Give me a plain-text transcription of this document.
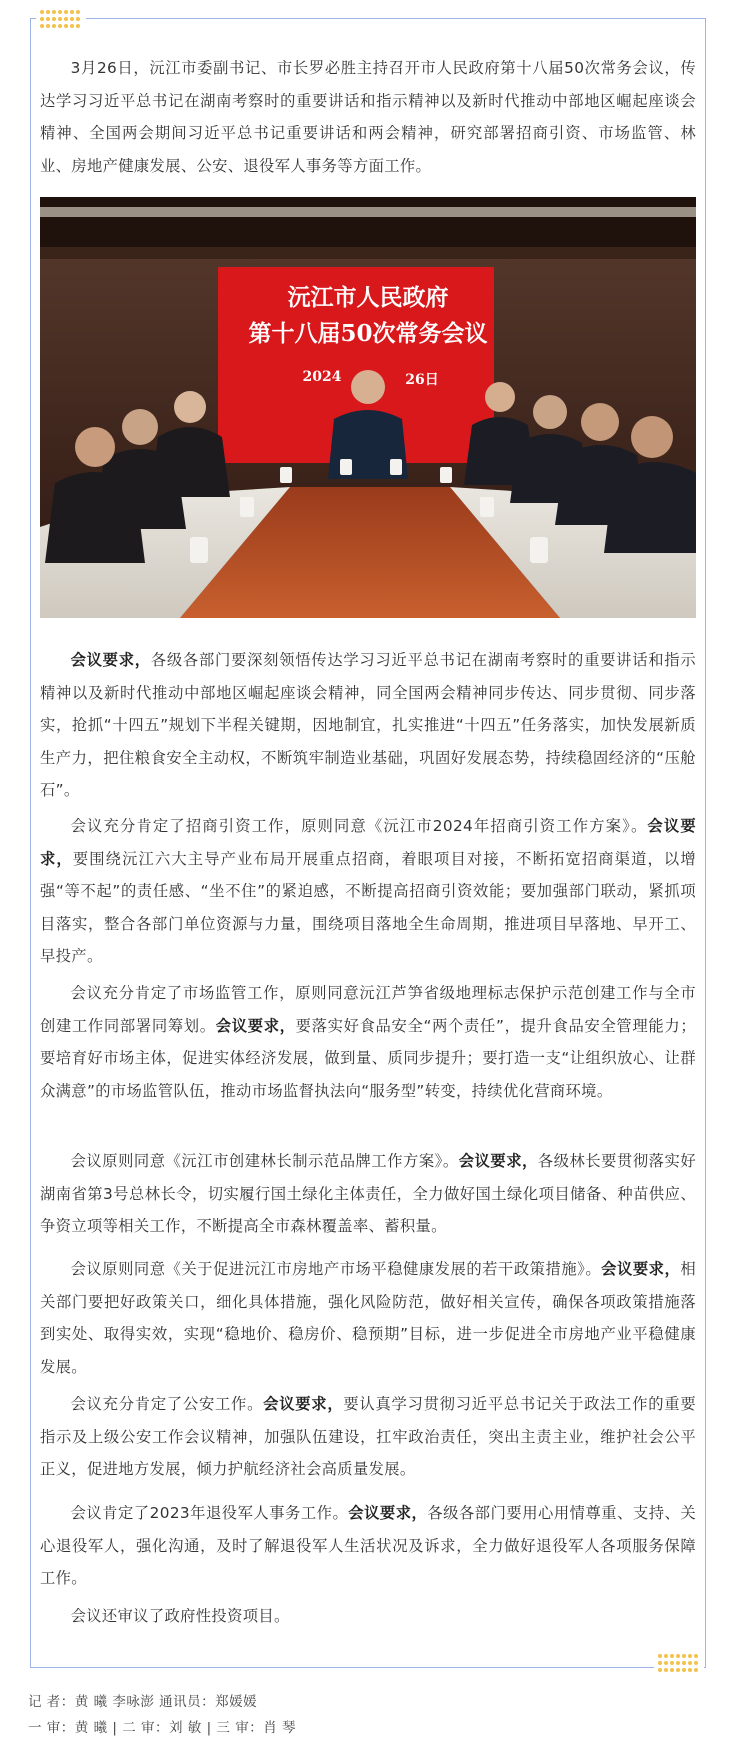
3月26日，沅江市委副书记、市长罗必胜主持召开市人民政府第十八届50次常务会议，传达学习习近平总书记在湖南考察时的重要讲话和指示精神以及新时代推动中部地区崛起座谈会精神、全国两会期间习近平总书记重要讲话和两会精神，研究部署招商引资、市场监管、林业、房地产健康发展、公安、退役军人事务等方面工作。

沅江市人民政府
第十八届50次常务会议
2024	26日

会议要求，各级各部门要深刻领悟传达学习习近平总书记在湖南考察时的重要讲话和指示精神以及新时代推动中部地区崛起座谈会精神，同全国两会精神同步传达、同步贯彻、同步落实，抢抓“十四五”规划下半程关键期，因地制宜，扎实推进“十四五”任务落实，加快发展新质生产力，把住粮食安全主动权，不断筑牢制造业基础，巩固好发展态势，持续稳固经济的“压舱石”。

会议充分肯定了招商引资工作，原则同意《沅江市2024年招商引资工作方案》。会议要求，要围绕沅江六大主导产业布局开展重点招商，着眼项目对接，不断拓宽招商渠道，以增强“等不起”的责任感、“坐不住”的紧迫感，不断提高招商引资效能；要加强部门联动，紧抓项目落实，整合各部门单位资源与力量，围绕项目落地全生命周期，推进项目早落地、早开工、早投产。

会议充分肯定了市场监管工作，原则同意沅江芦笋省级地理标志保护示范创建工作与全市创建工作同部署同筹划。会议要求，要落实好食品安全“两个责任”，提升食品安全管理能力；要培育好市场主体，促进实体经济发展，做到量、质同步提升；要打造一支“让组织放心、让群众满意”的市场监管队伍，推动市场监督执法向“服务型”转变，持续优化营商环境。

会议原则同意《沅江市创建林长制示范品牌工作方案》。会议要求，各级林长要贯彻落实好湖南省第3号总林长令，切实履行国土绿化主体责任，全力做好国土绿化项目储备、种苗供应、争资立项等相关工作，不断提高全市森林覆盖率、蓄积量。

会议原则同意《关于促进沅江市房地产市场平稳健康发展的若干政策措施》。会议要求，相关部门要把好政策关口，细化具体措施，强化风险防范，做好相关宣传，确保各项政策措施落到实处、取得实效，实现“稳地价、稳房价、稳预期”目标，进一步促进全市房地产业平稳健康发展。

会议充分肯定了公安工作。会议要求，要认真学习贯彻习近平总书记关于政法工作的重要指示及上级公安工作会议精神，加强队伍建设，扛牢政治责任，突出主责主业，维护社会公平正义，促进地方发展，倾力护航经济社会高质量发展。

会议肯定了2023年退役军人事务工作。会议要求，各级各部门要用心用情尊重、支持、关心退役军人，强化沟通，及时了解退役军人生活状况及诉求，全力做好退役军人各项服务保障工作。

会议还审议了政府性投资项目。

记 者：黄 曦 李咏澎 通讯员：郑媛媛
一 审：黄 曦 | 二 审：刘 敏 | 三 审：肖 琴
